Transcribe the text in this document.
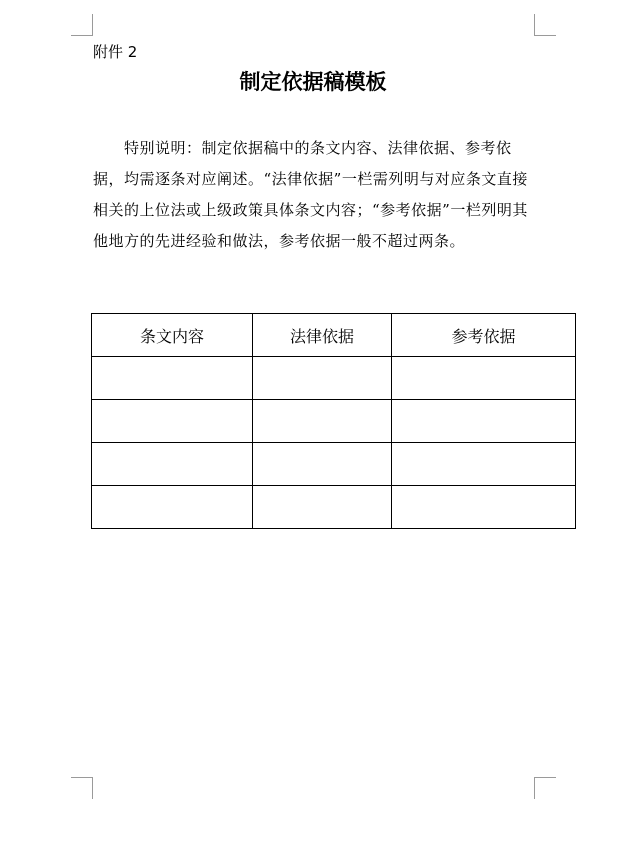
附件 2
制定依据稿模板
特别说明：制定依据稿中的条文内容、法律依据、参考依据，均需逐条对应阐述。“法律依据”一栏需列明与对应条文直接相关的上位法或上级政策具体条文内容；“参考依据”一栏列明其他地方的先进经验和做法，参考依据一般不超过两条。
条文内容	法律依据	参考依据
